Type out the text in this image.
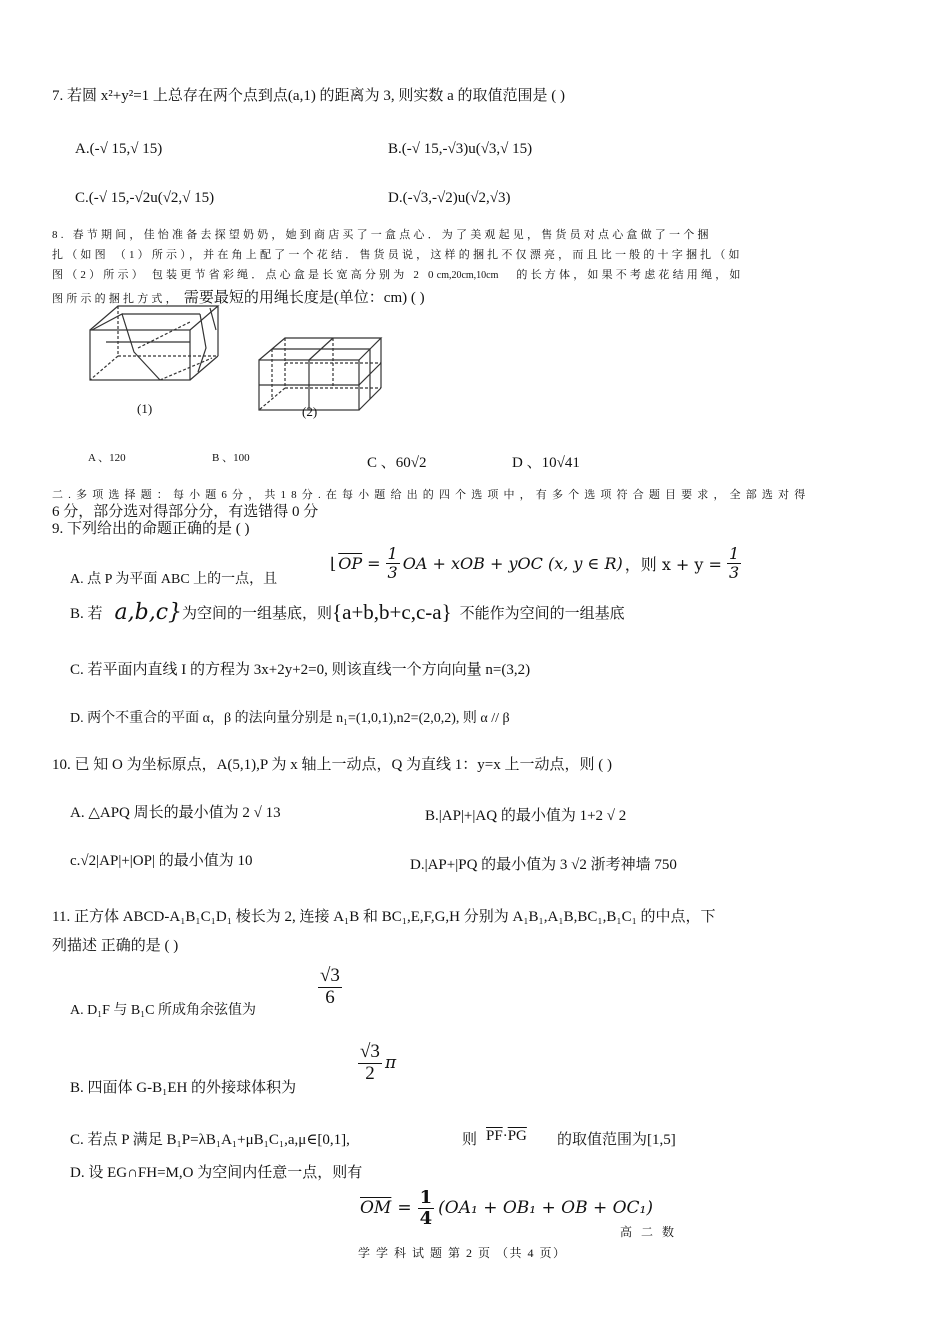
7. 若圆 x²+y²=1 上总存在两个点到点(a,1) 的距离为 3, 则实数 a 的取值范围是 ( )
A.(-√ 15,√ 15)	B.(-√ 15,-√3)u(√3,√ 15)
C.(-√ 15,-√2u(√2,√ 15)	D.(-√3,-√2)u(√2,√3)
8. 春节期间，佳怡准备去探望奶奶，她到商店买了一盒点心．为了美观起见，售货员对点心盒做了一个捆
扎（如图 （1）所示），并在角上配了一个花结．售货员说，这样的捆扎不仅漂亮，而且比一般的十字捆扎（如
图（2）所示） 包装更节省彩绳．点心盒是长宽高分别为 2 0cm,20cm,10cm 的长方体，如果不考虑花结用绳，如
图所示的捆扎方式， 需要最短的用绳长度是(单位：cm) ( )
(1)	(2)
A 、120	B 、100	C 、60√2	D 、10√41
二 . 多 项 选 择 题 ： 每 小 题 6 分 ， 共 1 8 分 . 在 每 小 题 给 出 的 四 个 选 项 中 ， 有 多 个 选 项 符 合 题 目 要 求 ， 全 部 选 对 得
6 分，部分选对得部分分，有选错得 0 分
9. 下列给出的命题正确的是 ( )
A. 点 P 为平面 ABC 上的一点，且
⌊ $\overline{OP} = \frac{1}{3}$ OA + xOB + yOC (x, y ∈ R) ，则 $x + y = \frac{1}{3}$
B. 若 a,b,c} 为空间的一组基底，则 {a+b,b+c,c-a} 不能作为空间的一组基底
C. 若平面内直线 I 的方程为 3x+2y+2=0, 则该直线一个方向向量 n=(3,2)
D. 两个不重合的平面 α，β 的法向量分别是 n₁=(1,0,1),n2=(2,0,2), 则 α // β
10. 已 知 O 为坐标原点，A(5,1),P 为 x 轴上一动点，Q 为直线 1：y=x 上一动点，则 ( )
A. △APQ 周长的最小值为 2 √ 13	B.|AP|+|AQ 的最小值为 1+2 √ 2
c.√2|AP|+|OP| 的最小值为 10	D.|AP+|PQ 的最小值为 3 √2 浙考神墙 750
11. 正方体 ABCD-A₁B₁C₁D₁ 棱长为 2, 连接 A₁B 和 BC₁,E,F,G,H 分别为 A₁B₁,A₁B,BC₁,B₁C₁ 的中点，下
列描述 正确的是 ( )
A. D₁F 与 B₁C 所成角余弦值为
$\frac{√3}{6}$
B. 四面体 G-B₁EH 的外接球体积为
$\frac{√3}{2}$ π
C. 若点 P 满足 B₁P=λB₁A₁+μB₁C₁,a,μ∈[0,1],	则 $\overline{PF}\cdot\overline{PG}$ 的取值范围为[1,5]
D. 设 EG∩FH=M,O 为空间内任意一点，则有
$\overline{OM} = \frac{1}{4} (OA_1 + OB_1$ + OB + OC₁)
高 二 数
学 学 科 试 题 第 2 页 （共 4 页）
